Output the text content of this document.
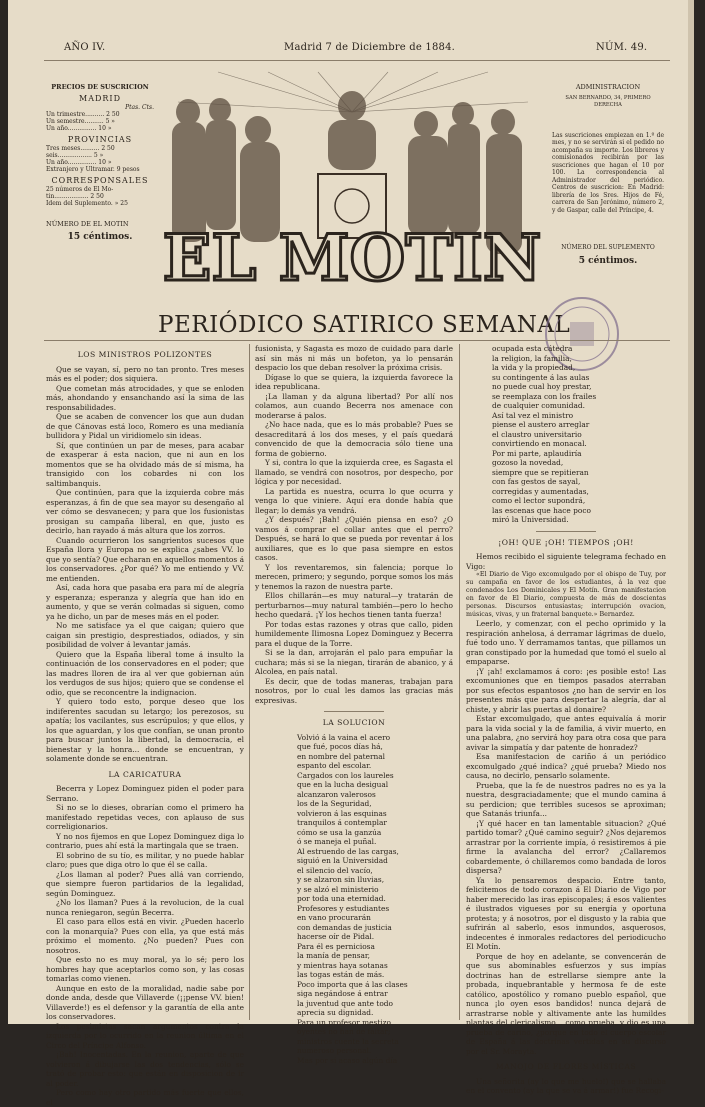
AÑO IV.	Madrid 7 de Diciembre de 1884.	NÚM. 49.
PRECIOS DE SUSCRICION
MADRID
Ptas. Cts.
Un trimestre.......... 2 50
Un semestre.......... 5 »
Un año............... 10 »
PROVINCIAS
Tres meses.......... 2 50
seis.................. 5 »
Un año............... 10 »
Extranjero y Ultramar. 9 pesos
CORRESPONSALES
25 números de El Mo-
tin.................. 2 50
Idem del Suplemento. » 25
NÚMERO DE EL MOTIN
15 céntimos.
ADMINISTRACION
SAN BERNARDO, 34, PRIMERO DERECHA
Las suscriciones empiezan en 1.º de mes, y no se servirán si el pedido no acompaña su importe. Los libreros y comisionados recibirán por las suscriciones que hagan el 10 por 100. La correspondencia al Administrador del periódico. Centros de suscricion: En Madrid: librería de los Sres. Hijos de Fé, carrera de San Jerónimo, número 2, y de Gaspar, calle del Príncipe, 4.
NÚMERO DEL SUPLEMENTO
5 céntimos.
EL MOTIN
PERIÓDICO SATIRICO SEMANAL
LOS MINISTROS POLIZONTES

Que se vayan, sí, pero no tan pronto. Tres meses más es el poder; dos siquiera.

Que cometan más atrocidades, y que se enloden más, ahondando y ensanchando así la sima de las responsabilidades.

Que se acaben de convencer los que aun dudan de que Cánovas está loco, Romero es una medianía bullidora y Pidal un viridiomelo sin ideas.

Sí, que continúen un par de meses, para acabar de exasperar á esta nacion, que ni aun en los momentos que se ha olvidado más de sí misma, ha transigido con los cobardes ni con los saltimbanquis.

Que continúen, para que la izquierda cobre más esperanzas, á fin de que sea mayor su desengaño al ver cómo se desvanecen; y para que los fusionistas prosigan su campaña liberal, en que, justo es decirlo, han rayado á más altura que los zorros.

Cuando ocurrieron los sangrientos sucesos que España llora y Europa no se explica ¿sabes VV. lo que yo sentía? Que echaran en aquellos momentos á los conservadores. ¿Por qué? Yo me entiendo y VV. me entienden.

Así, cada hora que pasaba era para mí de alegría y esperanza; esperanza y alegría que han ido en aumento, y que se verán colmadas si siguen, como ya he dicho, un par de meses más en el poder.

No me satisface ya el que caigan; quiero que caigan sin prestigio, desprestiados, odiados, y sin posibilidad de volver á levantar jamás.

Quiero que la España liberal tome á insulto la continuación de los conservadores en el poder; que las madres lloren de ira al ver que gobiernan aún los verdugos de sus hijos; quiero que se condense el odio, que se reconcentre la indignacion.

Y quiero todo esto, porque deseo que los indiferentes sacudan su letargo; los perezosos, su apatía; los vacilantes, sus escrúpulos; y que ellos, y los que aguardan, y los que confían, se unan pronto para buscar juntos la libertad, la democracia, el bienestar y la honra... donde se encuentran, y solamente donde se encuentran.

LA CARICATURA

Becerra y Lopez Dominguez piden el poder para Serrano.

Si no se lo dieses, obrarían como el primero ha manifestado repetidas veces, con aplauso de sus correligionarios.

Y no nos fijemos en que Lopez Dominguez diga lo contrario, pues ahí está la martingala que se traen.

El sobrino de su tío, es militar, y no puede hablar claro; pues que diga otro lo que él se calla.

¿Los llaman al poder? Pues allá van corriendo, que siempre fueron partidarios de la legalidad, según Dominguez.

¿No los llaman? Pues á la revolucion, de la cual nunca reniegaron, según Becerra.

El caso para ellos está en vivir. ¿Pueden hacerlo con la monarquía? Pues con ella, ya que está más próximo el momento. ¿No pueden? Pues con nosotros.

Que esto no es muy moral, ya lo sé; pero los hombres hay que aceptarlos como son, y las cosas tomarlas como vienen.

Aunque en esto de la moralidad, nadie sabe por donde anda, desde que Villaverde (¡¡pense VV. bien! Villaverde!) es el defensor y la garantía de ella ante los conservadores.

Los pesimistas sacan argumentos contra la izquierda por lo ocurrido en la reunion última en el Circo del Príncipe Alfonso.

¡Bah! Inocentadas. En la reunion, aparte de que volvieron á dibujarse las dos tendencias, sólo se trató de probar esto: que están en disposicion de ir al poder.

Pero como hay otro partido más fuerte que ellos, el

fusionista, y Sagasta es mozo de cuidado para darle así sin más ni más un bofeton, ya lo pensarán despacio los que deban resolver la próxima crisis.

Dígase lo que se quiera, la izquierda favorece la idea republicana.

¡La llaman y da alguna libertad? Por allí nos colamos, aun cuando Becerra nos amenace con moderarse á palos.

¿No hace nada, que es lo más probable? Pues se desacreditará á los dos meses, y el país quedará convencido de que la democracia sólo tiene una forma de gobierno.

Y si, contra lo que la izquierda cree, es Sagasta el llamado, se vendrá con nosotros, por despecho, por lógica y por necesidad.

La partida es nuestra, ocurra lo que ocurra y venga lo que viniere. Aquí era donde había que llegar; lo demás ya vendrá.

¿Y después? ¡Bah! ¿Quién piensa en eso? ¿O vamos á comprar el collar antes que el perro? Después, se hará lo que se pueda por reventar á los auxiliares, que es lo que pasa siempre en estos casos.

Y los reventaremos, sin falencia; porque lo merecen, primero; y segundo, porque somos los más y tenemos la razon de nuestra parte.

Ellos chillarán—es muy natural—y tratarán de perturbarnos—muy natural también—pero lo hecho hecho quedará. ¡Y los hechos tienen tanta fuerza!

Por todas estas razones y otras que callo, piden humildemente Ilimosna Lopez Dominguez y Becerra para el duque de la Torre.

Si se la dan, arrojarán el palo para empuñar la cuchara; más si se la niegan, tirarán de abanico, y á Alcolea, en país natal.

Es decir, que de todas maneras, trabajan para nosotros, por lo cual les damos las gracias más expresivas.

LA SOLUCION

Volvió á la vaina el acero

que fué, pocos días há,

en nombre del paternal

espanto del escolar.

Cargados con los laureles

que en la lucha desigual

alcanzaron valerosos

los de la Seguridad,

volvieron á las esquinas

tranquilos á contemplar

cómo se usa la ganzúa

ó se maneja el puñal.

Al estruendo de las cargas,

siguió en la Universidad

el silencio del vacío,

y se alzaron sin lluvias,

y se alzó el ministerio

por toda una eternidad.

Profesores y estudiantes

en vano procurarán

con demandas de justicia

hacerse oír de Pidal.

Para él es perniciosa

la manía de pensar,

y mientras haya sotanas

las togas están de más.

Poco importa que á las clases

siga negándose á entrar

la juventud que ante todo

aprecia su dignidad.

Para un profesor mestizo

oyentes no han de faltar;

ministros cuente la secreta

numeroso personal.

Mas por si acaso algún día

ocupada esta cátedra

la religion, la familia,

la vida y la propiedad,

su contingente á las aulas

no puede cual hoy prestar,

se reemplaza con los frailes

de cualquier comunidad.

Así tal vez el ministro

piense el austero arreglar

el claustro universitario

convirtiendo en monacal.

Por mi parte, aplaudiría

gozoso la novedad,

siempre que se repitieran

con fas gestos de sayal,

corregidas y aumentadas,

como el lector supondrá,

las escenas que hace poco

miró la Universidad.

¡OH! QUE ¡OH! TIEMPOS ¡OH!

Hemos recibido el siguiente telegrama fechado en Vigo:

«El Diario de Vigo excomulgado por el obispo de Tuy, por su campaña en favor de los estudiantes, á la vez que condenados Los Dominicales y El Motín. Gran manifestacion en favor de El Diario, compuesta de más de doscientas personas. Discursos entusiastas; interrupción ovacion, músicas, vivas, y un fraternal banquete.» Bernardez.

Leerlo, y comenzar, con el pecho oprimido y la respiración anhelosa, á derramar lágrimas de duelo, fué todo uno. Y derramamos tantas, que pillamos un gran constipado por la humedad que tomó el suelo al empaparse.

¡Y ¡ah! exclamamos á coro: ¡es posible esto! Las excomuniones que en tiempos pasados aterraban por sus efectos espantosos ¿no han de servir en los presentes más que para despertar la alegría, dar al chiste, y abrir las puertas al donaire?

Estar excomulgado, que antes equivalía á morir para la vida social y la de familia, á vivir muerto, en una palabra, ¿no servirá hoy para otra cosa que para avivar la simpatía y dar patente de honradez?

Esa manifestacion de cariño á un periódico excomulgado ¿qué indica? ¿qué prueba? Miedo nos causa, no decirlo, pensarlo solamente.

Prueba, que la fe de nuestros padres no es ya la nuestra, desgraciadamente; que el mundo camina á su perdicion; que terribles sucesos se aproximan; que Satanás triunfa...

¡Y qué hacer en tan lamentable situacion? ¿Qué partido tomar? ¿Qué camino seguir? ¿Nos dejaremos arrastrar por la corriente impía, ó resistiremos á pie firme la avalancha del error? ¿Callaremos cobardemente, ó chillaremos como bandada de loros dispersa?

Ya lo pensaremos despacio. Entre tanto, felicitemos de todo corazon á El Diario de Vigo por haber merecido las iras episcopales; á esos valientes é ilustrados vigueses por su energía y oportuna protesta; y á nosotros, por el disgusto y la rabia que sufrirán al saberlo, esos inmundos, asquerosos, indecentes é inmorales redactores del periodicucho El Motín.

Porque de hoy en adelante, se convencerán de que sus abominables esfuerzos y sus impías doctrinas han de estrellarse siempre ante la probada, inquebrantable y hermosa fe de este católico, apostólico y romano pueblo español, que nunca ¡lo oyen esos bandidos! nunca dejará de arrastrarse noble y altivamente ante las humildes plantas del clericalismo... como prueba, y dio es una prueba de cariño, ¿porque en todo el cuerpo escolar de España á las doctrinas vertidas en su discurso por el Sr. Morayta.

MANOJO DE FLORES MÍSTICAS

Una señorita (ay lo que me huelo!) que se hallaba en el convento (ay la que se va á armar!) fue Recogi-
